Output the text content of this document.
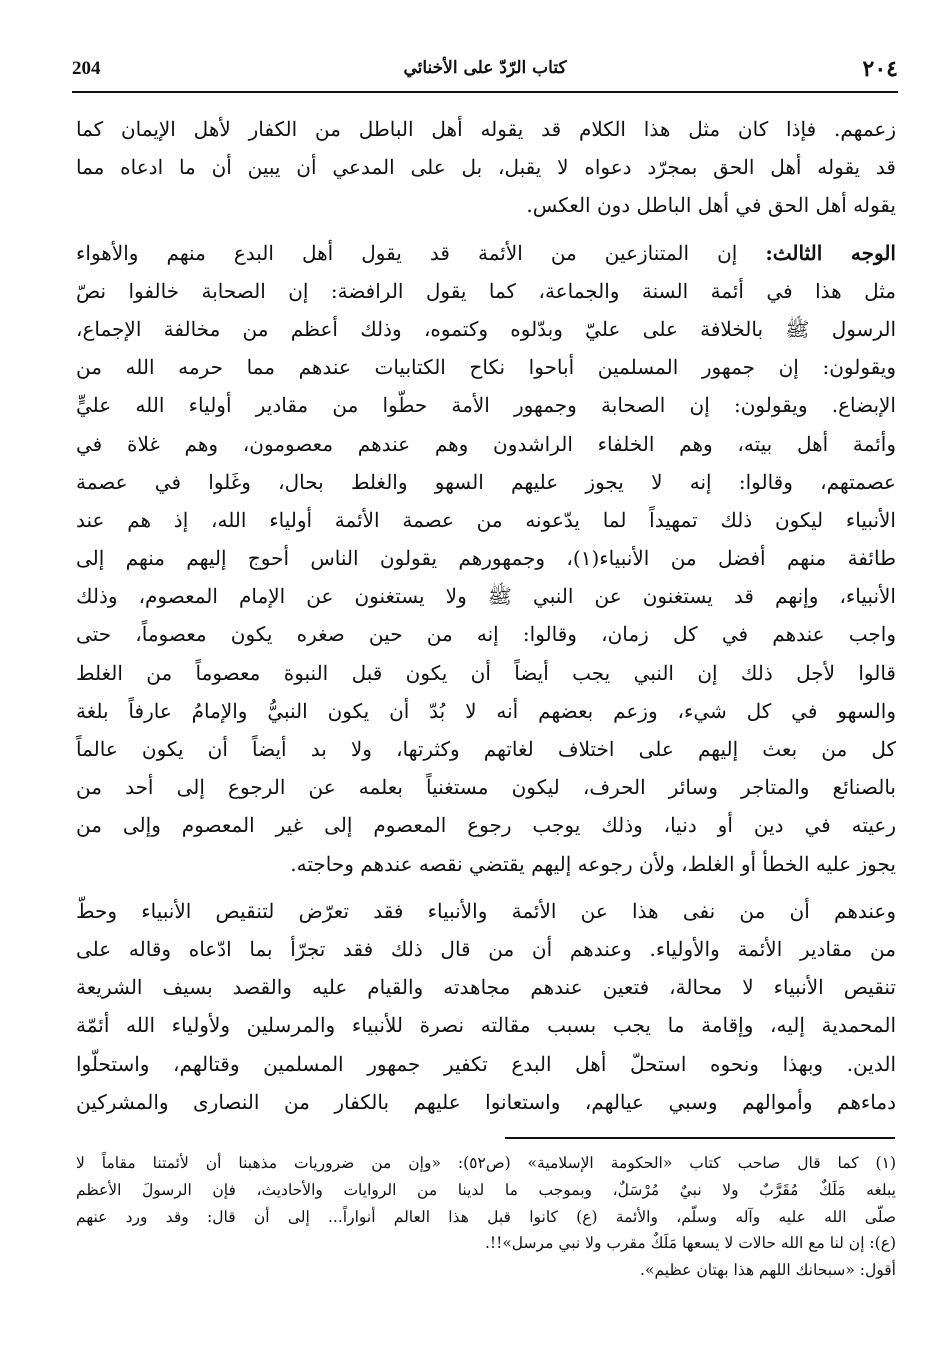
204	كتاب الرّدّ على الأخنائي	٢٠٤
زعمهم. فإذا كان مثل هذا الكلام قد يقوله أهل الباطل من الكفار لأهل الإيمان كما
قد يقوله أهل الحق بمجرّد دعواه لا يقبل، بل على المدعي أن يبين أن ما ادعاه مما
يقوله أهل الحق في أهل الباطل دون العكس.
الوجه الثالث: إن المتنازعين من الأئمة قد يقول أهل البدع منهم والأهواء
مثل هذا في أئمة السنة والجماعة، كما يقول الرافضة: إن الصحابة خالفوا نصّ
الرسول ﷺ بالخلافة على عليّ وبدّلوه وكتموه، وذلك أعظم من مخالفة الإجماع،
ويقولون: إن جمهور المسلمين أباحوا نكاح الكتابيات عندهم مما حرمه الله من
الإبضاع. ويقولون: إن الصحابة وجمهور الأمة حطّوا من مقادير أولياء الله عليٍّ
وأئمة أهل بيته، وهم الخلفاء الراشدون وهم عندهم معصومون، وهم غلاة في
عصمتهم، وقالوا: إنه لا يجوز عليهم السهو والغلط بحال، وغَلوا في عصمة
الأنبياء ليكون ذلك تمهيداً لما يدّعونه من عصمة الأئمة أولياء الله، إذ هم عند
طائفة منهم أفضل من الأنبياء(١)، وجمهورهم يقولون الناس أحوج إليهم منهم إلى
الأنبياء، وإنهم قد يستغنون عن النبي ﷺ ولا يستغنون عن الإمام المعصوم، وذلك
واجب عندهم في كل زمان، وقالوا: إنه من حين صغره يكون معصوماً، حتى
قالوا لأجل ذلك إن النبي يجب أيضاً أن يكون قبل النبوة معصوماً من الغلط
والسهو في كل شيء، وزعم بعضهم أنه لا بُدّ أن يكون النبيُّ والإمامُ عارفاً بلغة
كل من بعث إليهم على اختلاف لغاتهم وكثرتها، ولا بد أيضاً أن يكون عالماً
بالصنائع والمتاجر وسائر الحرف، ليكون مستغنياً بعلمه عن الرجوع إلى أحد من
رعيته في دين أو دنيا، وذلك يوجب رجوع المعصوم إلى غير المعصوم وإلى من
يجوز عليه الخطأ أو الغلط، ولأن رجوعه إليهم يقتضي نقصه عندهم وحاجته.
وعندهم أن من نفى هذا عن الأئمة والأنبياء فقد تعرّض لتنقيص الأنبياء وحطّ
من مقادير الأئمة والأولياء. وعندهم أن من قال ذلك فقد تجرّأ بما ادّعاه وقاله على
تنقيص الأنبياء لا محالة، فتعين عندهم مجاهدته والقيام عليه والقصد بسيف الشريعة
المحمدية إليه، وإقامة ما يجب بسبب مقالته نصرة للأنبياء والمرسلين ولأولياء الله أئمّة
الدين. وبهذا ونحوه استحلّ أهل البدع تكفير جمهور المسلمين وقتالهم، واستحلّوا
دماءهم وأموالهم وسبي عيالهم، واستعانوا عليهم بالكفار من النصارى والمشركين
(١) كما قال صاحب كتاب «الحكومة الإسلامية» (ص٥٢): «وإن من ضروريات مذهبنا أن لأئمتنا مقاماً لا
يبلغه مَلَكٌ مُقَرَّبٌ ولا نبيٌ مُرْسَلٌ، وبموجب ما لدينا من الروايات والأحاديث، فإن الرسولَ الأعظم
صلّى الله عليه وآله وسلّم، والأئمة (ع) كانوا قبل هذا العالم أنواراً... إلى أن قال: وقد ورد عنهم
(ع): إن لنا مع الله حالات لا يسعها مَلَكٌ مقرب ولا نبي مرسل»!!.
أقول: «سبحانك اللهم هذا بهتان عظيم».
